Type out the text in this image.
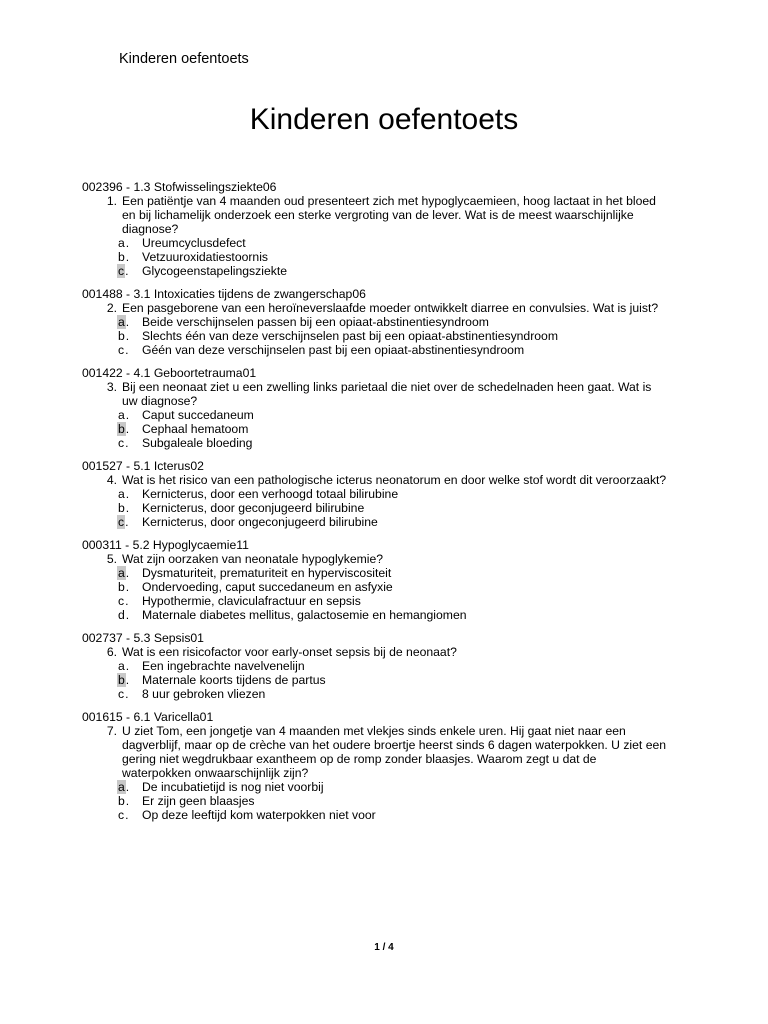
Kinderen oefentoets
Kinderen oefentoets
002396 - 1.3 Stofwisselingsziekte06
1. Een patiëntje van 4 maanden oud presenteert zich met hypoglycaemieen, hoog lactaat in het bloed en bij lichamelijk onderzoek een sterke vergroting van de lever. Wat is de meest waarschijnlijke diagnose?
a.	Ureumcyclusdefect
b.	Vetzuuroxidatiestoornis
c.	Glycogeenstapelingsziekte
001488 - 3.1 Intoxicaties tijdens de zwangerschap06
2. Een pasgeborene van een heroïneverslaafde moeder ontwikkelt diarree en convulsies. Wat is juist?
a.	Beide verschijnselen passen bij een opiaat-abstinentiesyndroom
b.	Slechts één van deze verschijnselen past bij een opiaat-abstinentiesyndroom
c.	Géén van deze verschijnselen past bij een opiaat-abstinentiesyndroom
001422 - 4.1 Geboortetrauma01
3. Bij een neonaat ziet u een zwelling links parietaal die niet over de schedelnaden heen gaat. Wat is uw diagnose?
a.	Caput succedaneum
b.	Cephaal hematoom
c.	Subgaleale bloeding
001527 - 5.1 Icterus02
4. Wat is het risico van een pathologische icterus neonatorum en door welke stof wordt dit veroorzaakt?
a.	Kernicterus, door een verhoogd totaal bilirubine
b.	Kernicterus, door geconjugeerd bilirubine
c.	Kernicterus, door ongeconjugeerd bilirubine
000311 - 5.2 Hypoglycaemie11
5. Wat zijn oorzaken van neonatale hypoglykemie?
a.	Dysmaturiteit, prematuriteit en hyperviscositeit
b.	Ondervoeding, caput succedaneum en asfyxie
c.	Hypothermie, claviculafractuur en sepsis
d.	Maternale diabetes mellitus, galactosemie en hemangiomen
002737 - 5.3 Sepsis01
6. Wat is een risicofactor voor early-onset sepsis bij de neonaat?
a.	Een ingebrachte navelvenelijn
b.	Maternale koorts tijdens de partus
c.	8 uur gebroken vliezen
001615 - 6.1 Varicella01
7. U ziet Tom, een jongetje van 4 maanden met vlekjes sinds enkele uren. Hij gaat niet naar een dagverblijf, maar op de crèche van het oudere broertje heerst sinds 6 dagen waterpokken. U ziet een gering niet wegdrukbaar exantheem op de romp zonder blaasjes. Waarom zegt u dat de waterpokken onwaarschijnlijk zijn?
a.	De incubatietijd is nog niet voorbij
b.	Er zijn geen blaasjes
c.	Op deze leeftijd kom waterpokken niet voor
1 / 4
